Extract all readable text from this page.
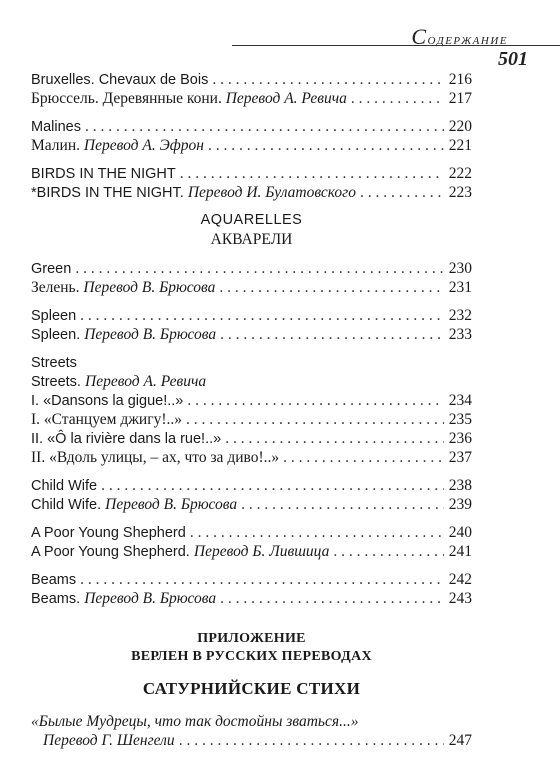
Содержание
501
Bruxelles. Chevaux de Bois . . .	216
Брюссель. Деревянные кони. Перевод А. Ревича . . .	217
Malines . . .	220
Малин. Перевод А. Эфрон . . .	221
BIRDS IN THE NIGHT . . .	222
*BIRDS IN THE NIGHT. Перевод И. Булатовского . . .	223
AQUARELLES
АКВАРЕЛИ
Green . . .	230
Зелень. Перевод В. Брюсова . . .	231
Spleen . . .	232
Spleen. Перевод В. Брюсова . . .	233
Streets
Streets. Перевод А. Ревича
I. «Dansons la gigue!..» . . .	234
I. «Станцуем джигу!..» . . .	235
II. «Ô la rivière dans la rue!..» . . .	236
II. «Вдоль улицы, – ах, что за диво!..» . . .	237
Child Wife . . .	238
Child Wife. Перевод В. Брюсова . . .	239
A Poor Young Shepherd . . .	240
A Poor Young Shepherd. Перевод Б. Лившица . . .	241
Beams . . .	242
Beams. Перевод В. Брюсова . . .	243
ПРИЛОЖЕНИЕ
ВЕРЛЕН В РУССКИХ ПЕРЕВОДАХ
САТУРНИЙСКИЕ СТИХИ
«Былые Мудрецы, что так достойны зваться...»
Перевод Г. Шенгели . . .	247
